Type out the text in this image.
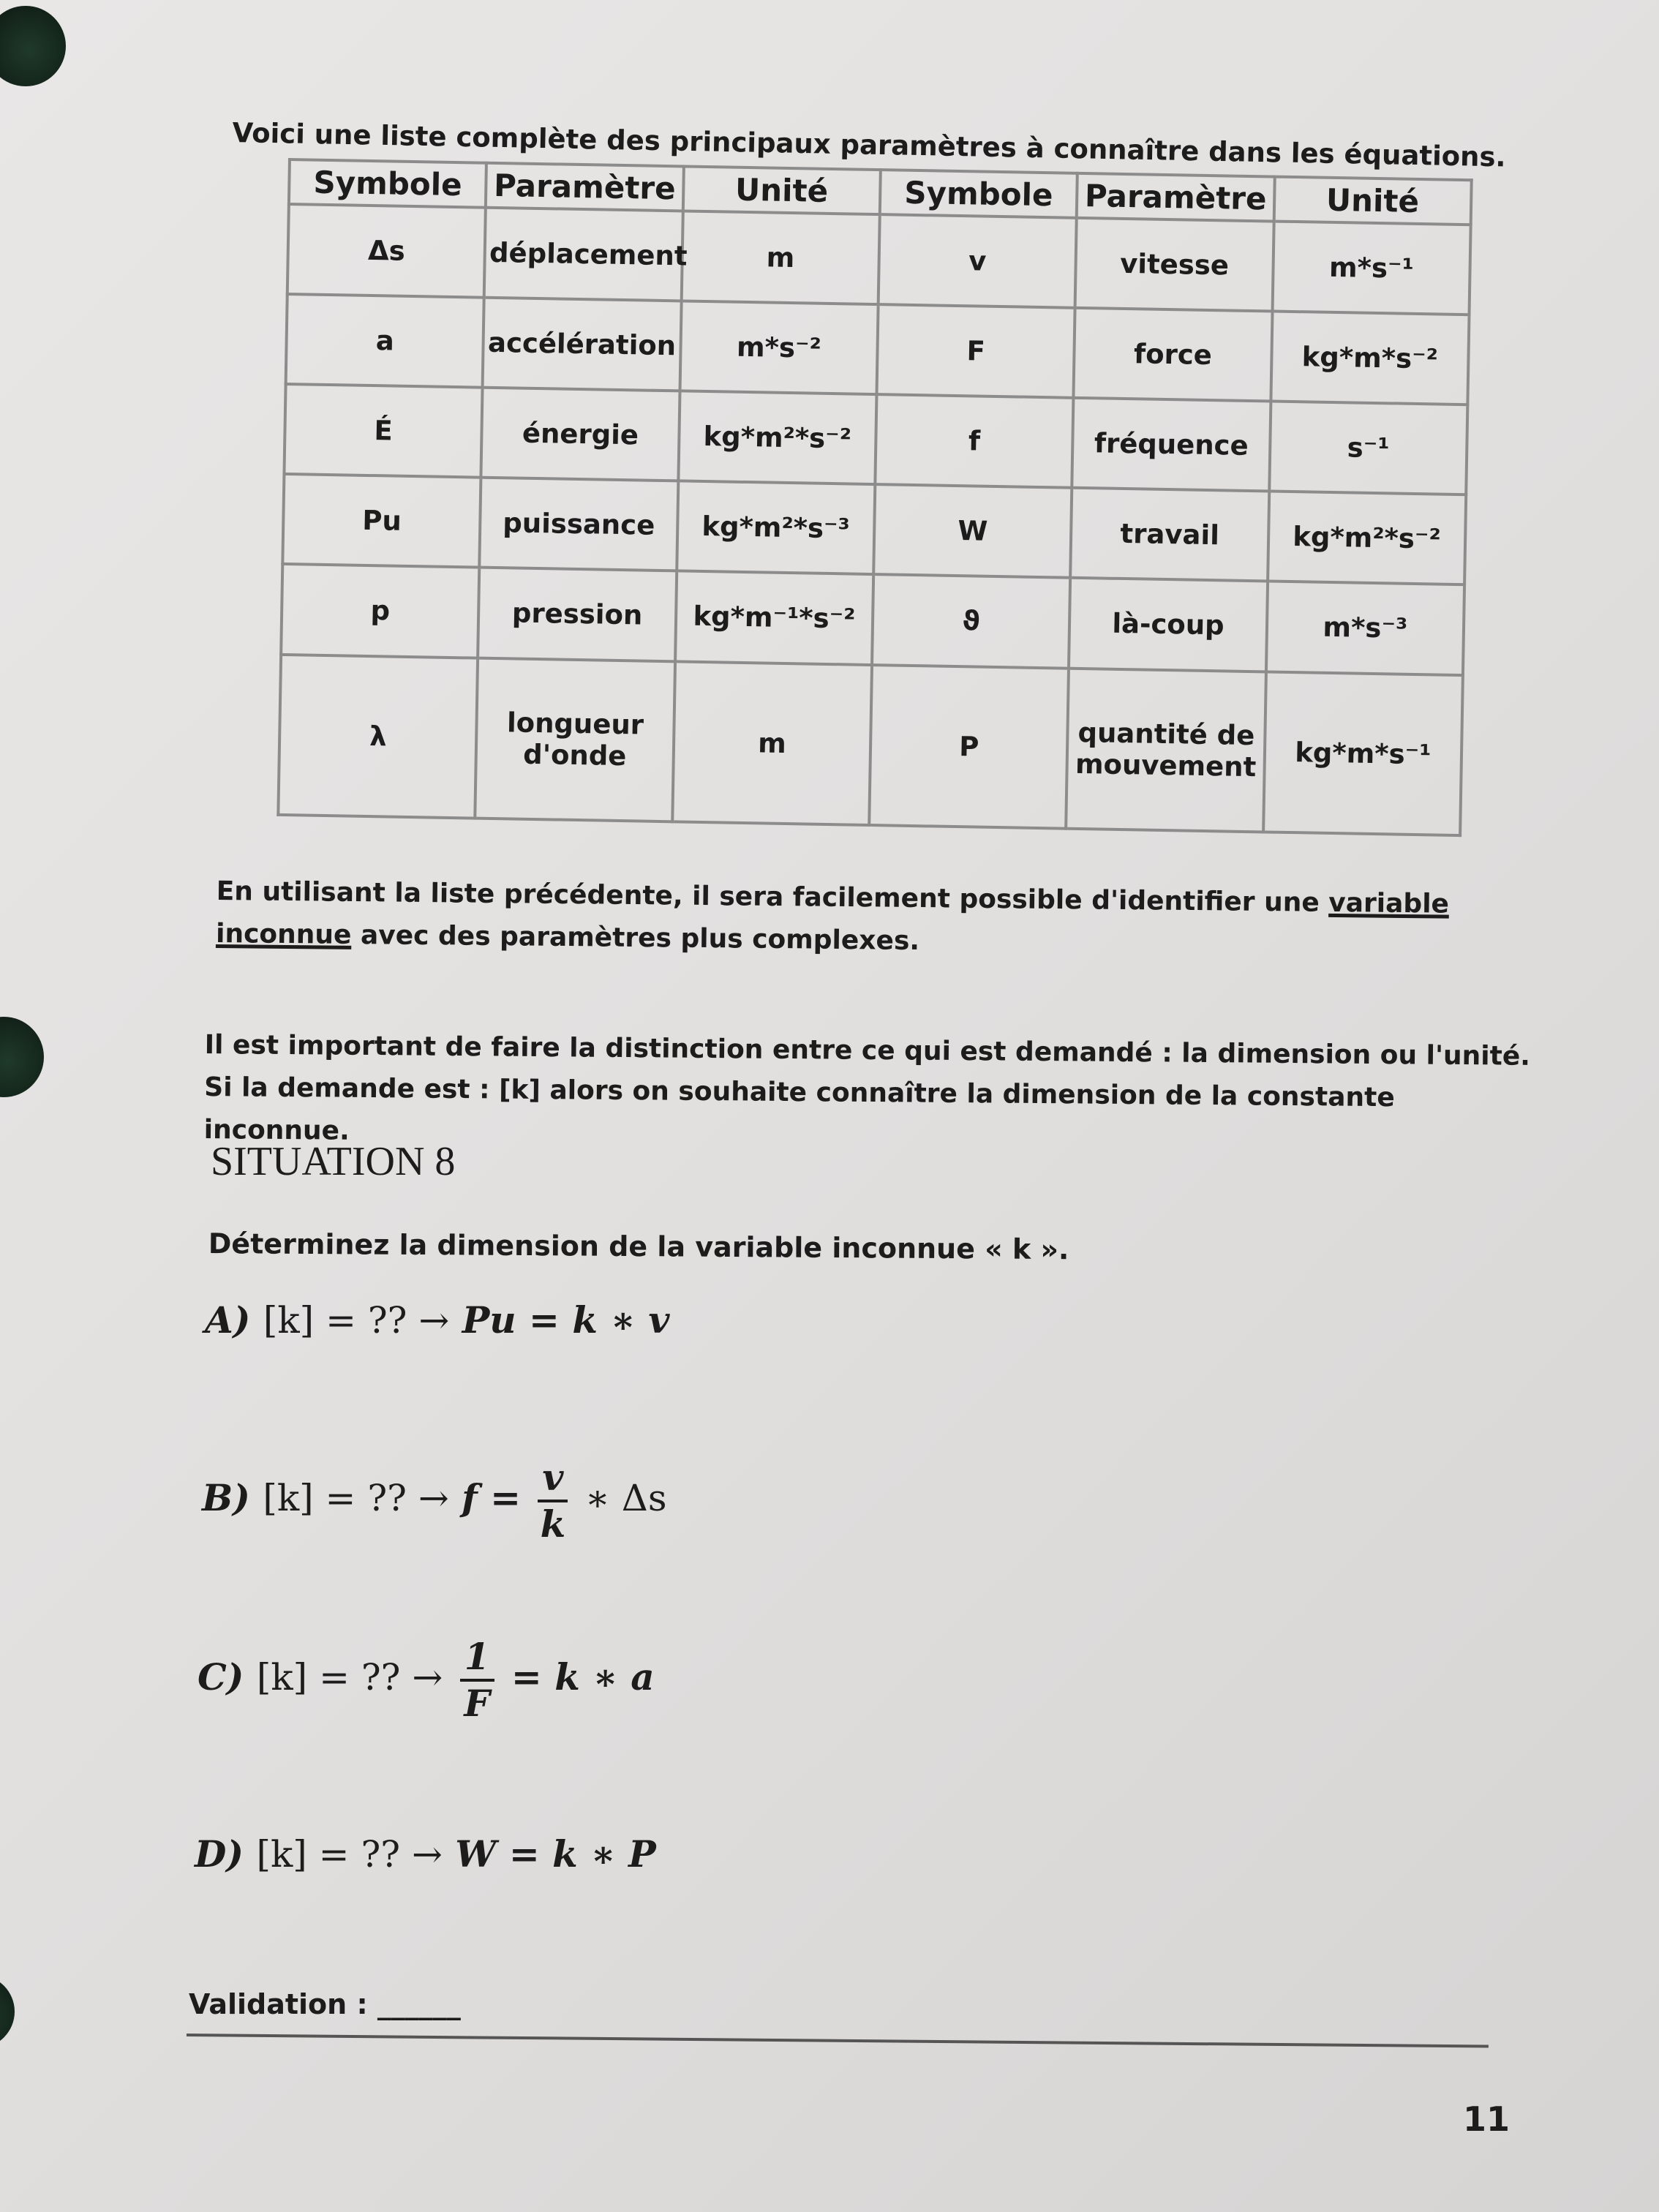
Voici une liste complète des principaux paramètres à connaître dans les équations.
Symbole	Paramètre	Unité	Symbole	Paramètre	Unité
Δs	déplacement	m	v	vitesse	m*s⁻¹
a	accélération	m*s⁻²	F	force	kg*m*s⁻²
É	énergie	kg*m²*s⁻²	f	fréquence	s⁻¹
Pu	puissance	kg*m²*s⁻³	W	travail	kg*m²*s⁻²
p	pression	kg*m⁻¹*s⁻²	ϑ	là-coup	m*s⁻³
λ	longueur d'onde	m	P	quantité de mouvement	kg*m*s⁻¹
En utilisant la liste précédente, il sera facilement possible d'identifier une variable inconnue avec des paramètres plus complexes.
Il est important de faire la distinction entre ce qui est demandé : la dimension ou l'unité. Si la demande est : [k] alors on souhaite connaître la dimension de la constante inconnue.
SITUATION 8
Déterminez la dimension de la variable inconnue « k ».
A) [k] = ?? → Pu = k ∗ v
B) [k] = ?? → $f = \frac{v}{k}$ ∗ Δs
C) [k] = ?? → $\frac{1}{F} = k$ ∗ a
D) [k] = ?? → W = k ∗ P
Validation : ______
11
